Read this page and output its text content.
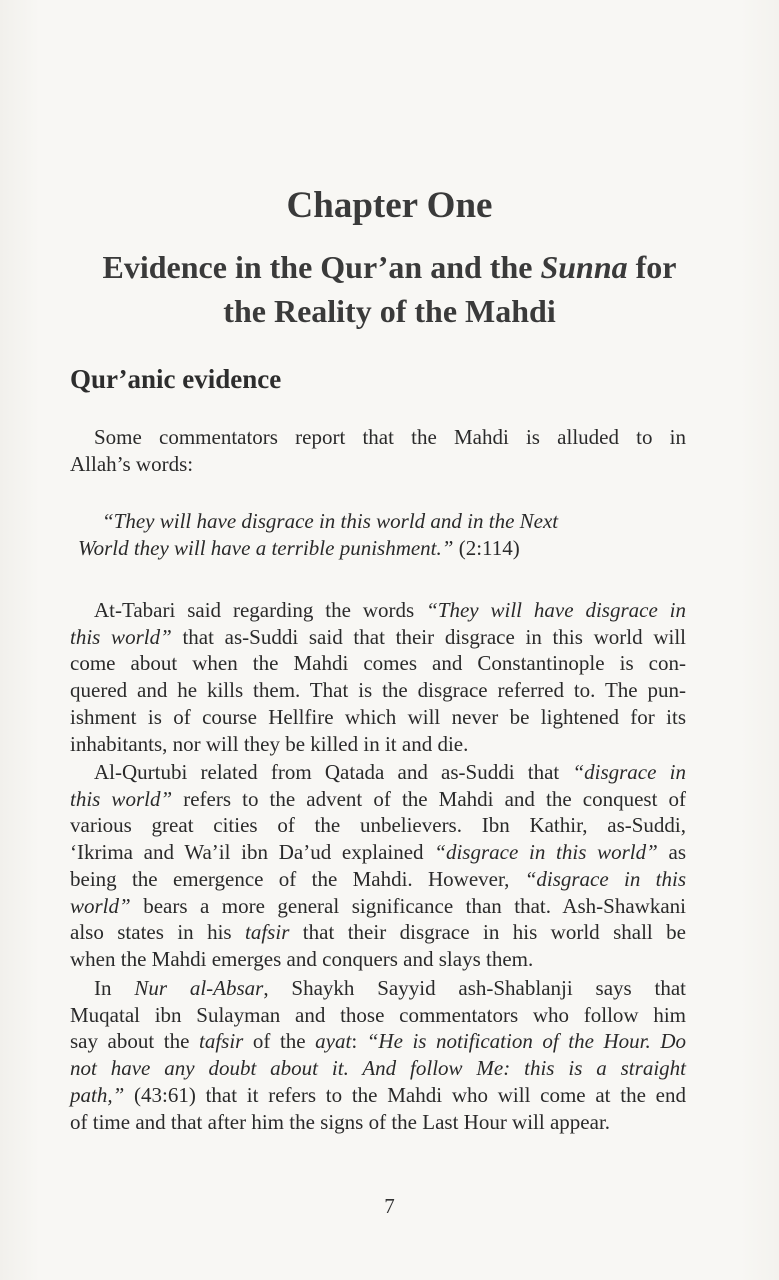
Chapter One
Evidence in the Qur’an and the Sunna for
the Reality of the Mahdi
Qur’anic evidence

Some commentators report that the Mahdi is alluded to in
Allah’s words:

“They will have disgrace in this world and in the Next
World they will have a terrible punishment.” (2:114)

At-Tabari said regarding the words “They will have disgrace in
this world” that as-Suddi said that their disgrace in this world will
come about when the Mahdi comes and Constantinople is con-
quered and he kills them. That is the disgrace referred to. The pun-
ishment is of course Hellfire which will never be lightened for its
inhabitants, nor will they be killed in it and die.

Al-Qurtubi related from Qatada and as-Suddi that “disgrace in
this world” refers to the advent of the Mahdi and the conquest of
various great cities of the unbelievers. Ibn Kathir, as-Suddi,
‘Ikrima and Wa’il ibn Da’ud explained “disgrace in this world” as
being the emergence of the Mahdi. However, “disgrace in this
world” bears a more general significance than that. Ash-Shawkani
also states in his tafsir that their disgrace in his world shall be
when the Mahdi emerges and conquers and slays them.

In Nur al-Absar, Shaykh Sayyid ash-Shablanji says that
Muqatal ibn Sulayman and those commentators who follow him
say about the tafsir of the ayat: “He is notification of the Hour. Do
not have any doubt about it. And follow Me: this is a straight
path,” (43:61) that it refers to the Mahdi who will come at the end
of time and that after him the signs of the Last Hour will appear.

7
